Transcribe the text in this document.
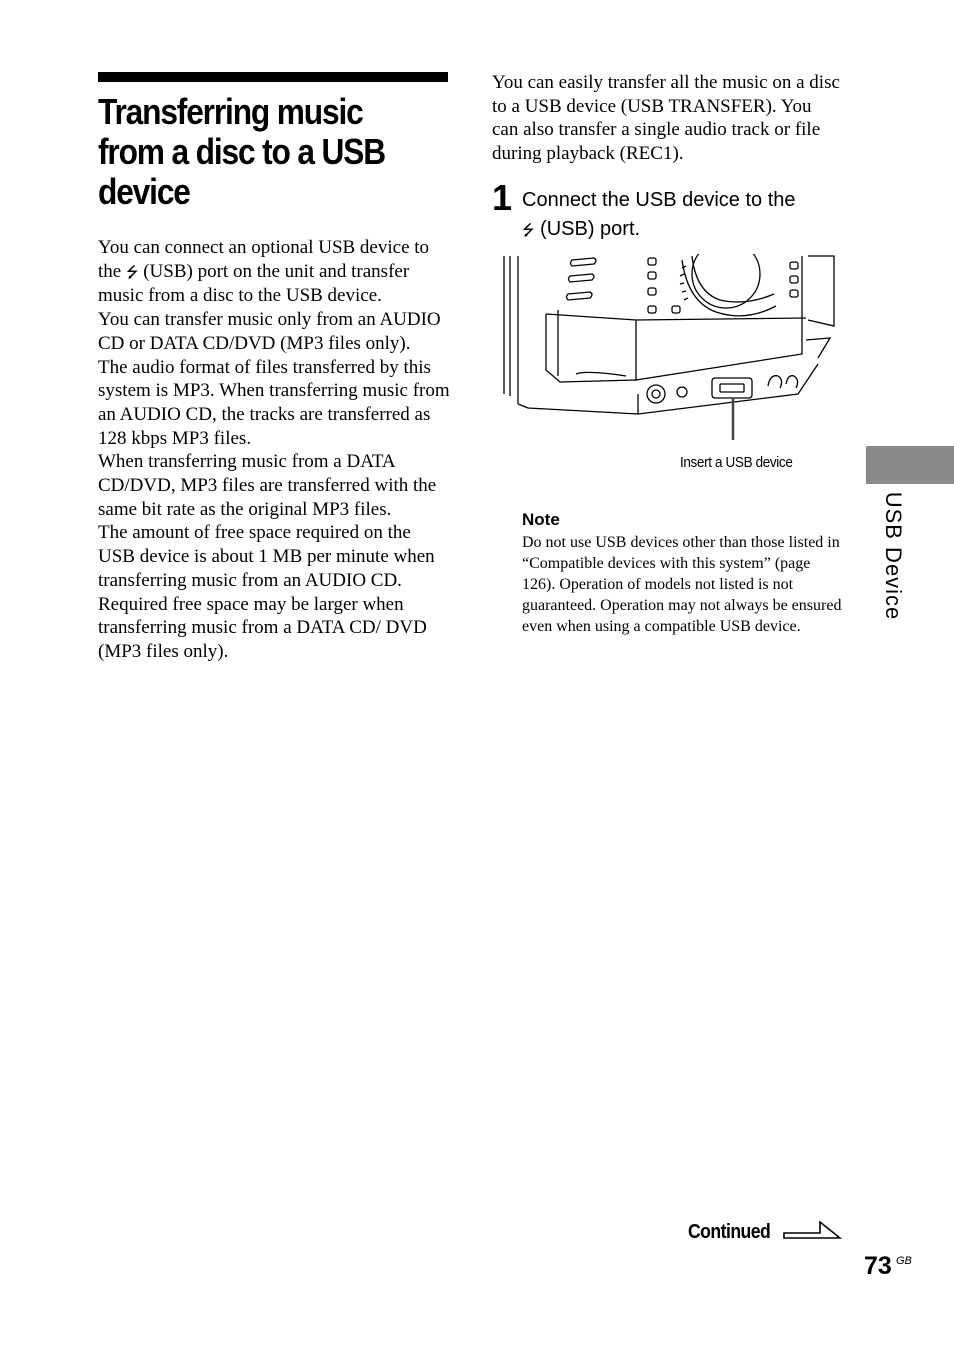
Transferring music from a disc to a USB device

You can connect an optional USB device to the ⭍ (USB) port on the unit and transfer music from a disc to the USB device.

You can transfer music only from an AUDIO CD or DATA CD/DVD (MP3 files only).

The audio format of files transferred by this system is MP3. When transferring music from an AUDIO CD, the tracks are transferred as 128 kbps MP3 files.

When transferring music from a DATA CD/DVD, MP3 files are transferred with the same bit rate as the original MP3 files.

The amount of free space required on the USB device is about 1 MB per minute when transferring music from an AUDIO CD.

Required free space may be larger when transferring music from a DATA CD/ DVD (MP3 files only).

You can easily transfer all the music on a disc to a USB device (USB TRANSFER). You can also transfer a single audio track or file during playback (REC1).

1 Connect the USB device to the
⭍ (USB) port.
Insert a USB device
Note
Do not use USB devices other than those listed in “Compatible devices with this system” (page 126). Operation of models not listed is not guaranteed. Operation may not always be ensured even when using a compatible USB device.
USB Device
Continued
73 GB
